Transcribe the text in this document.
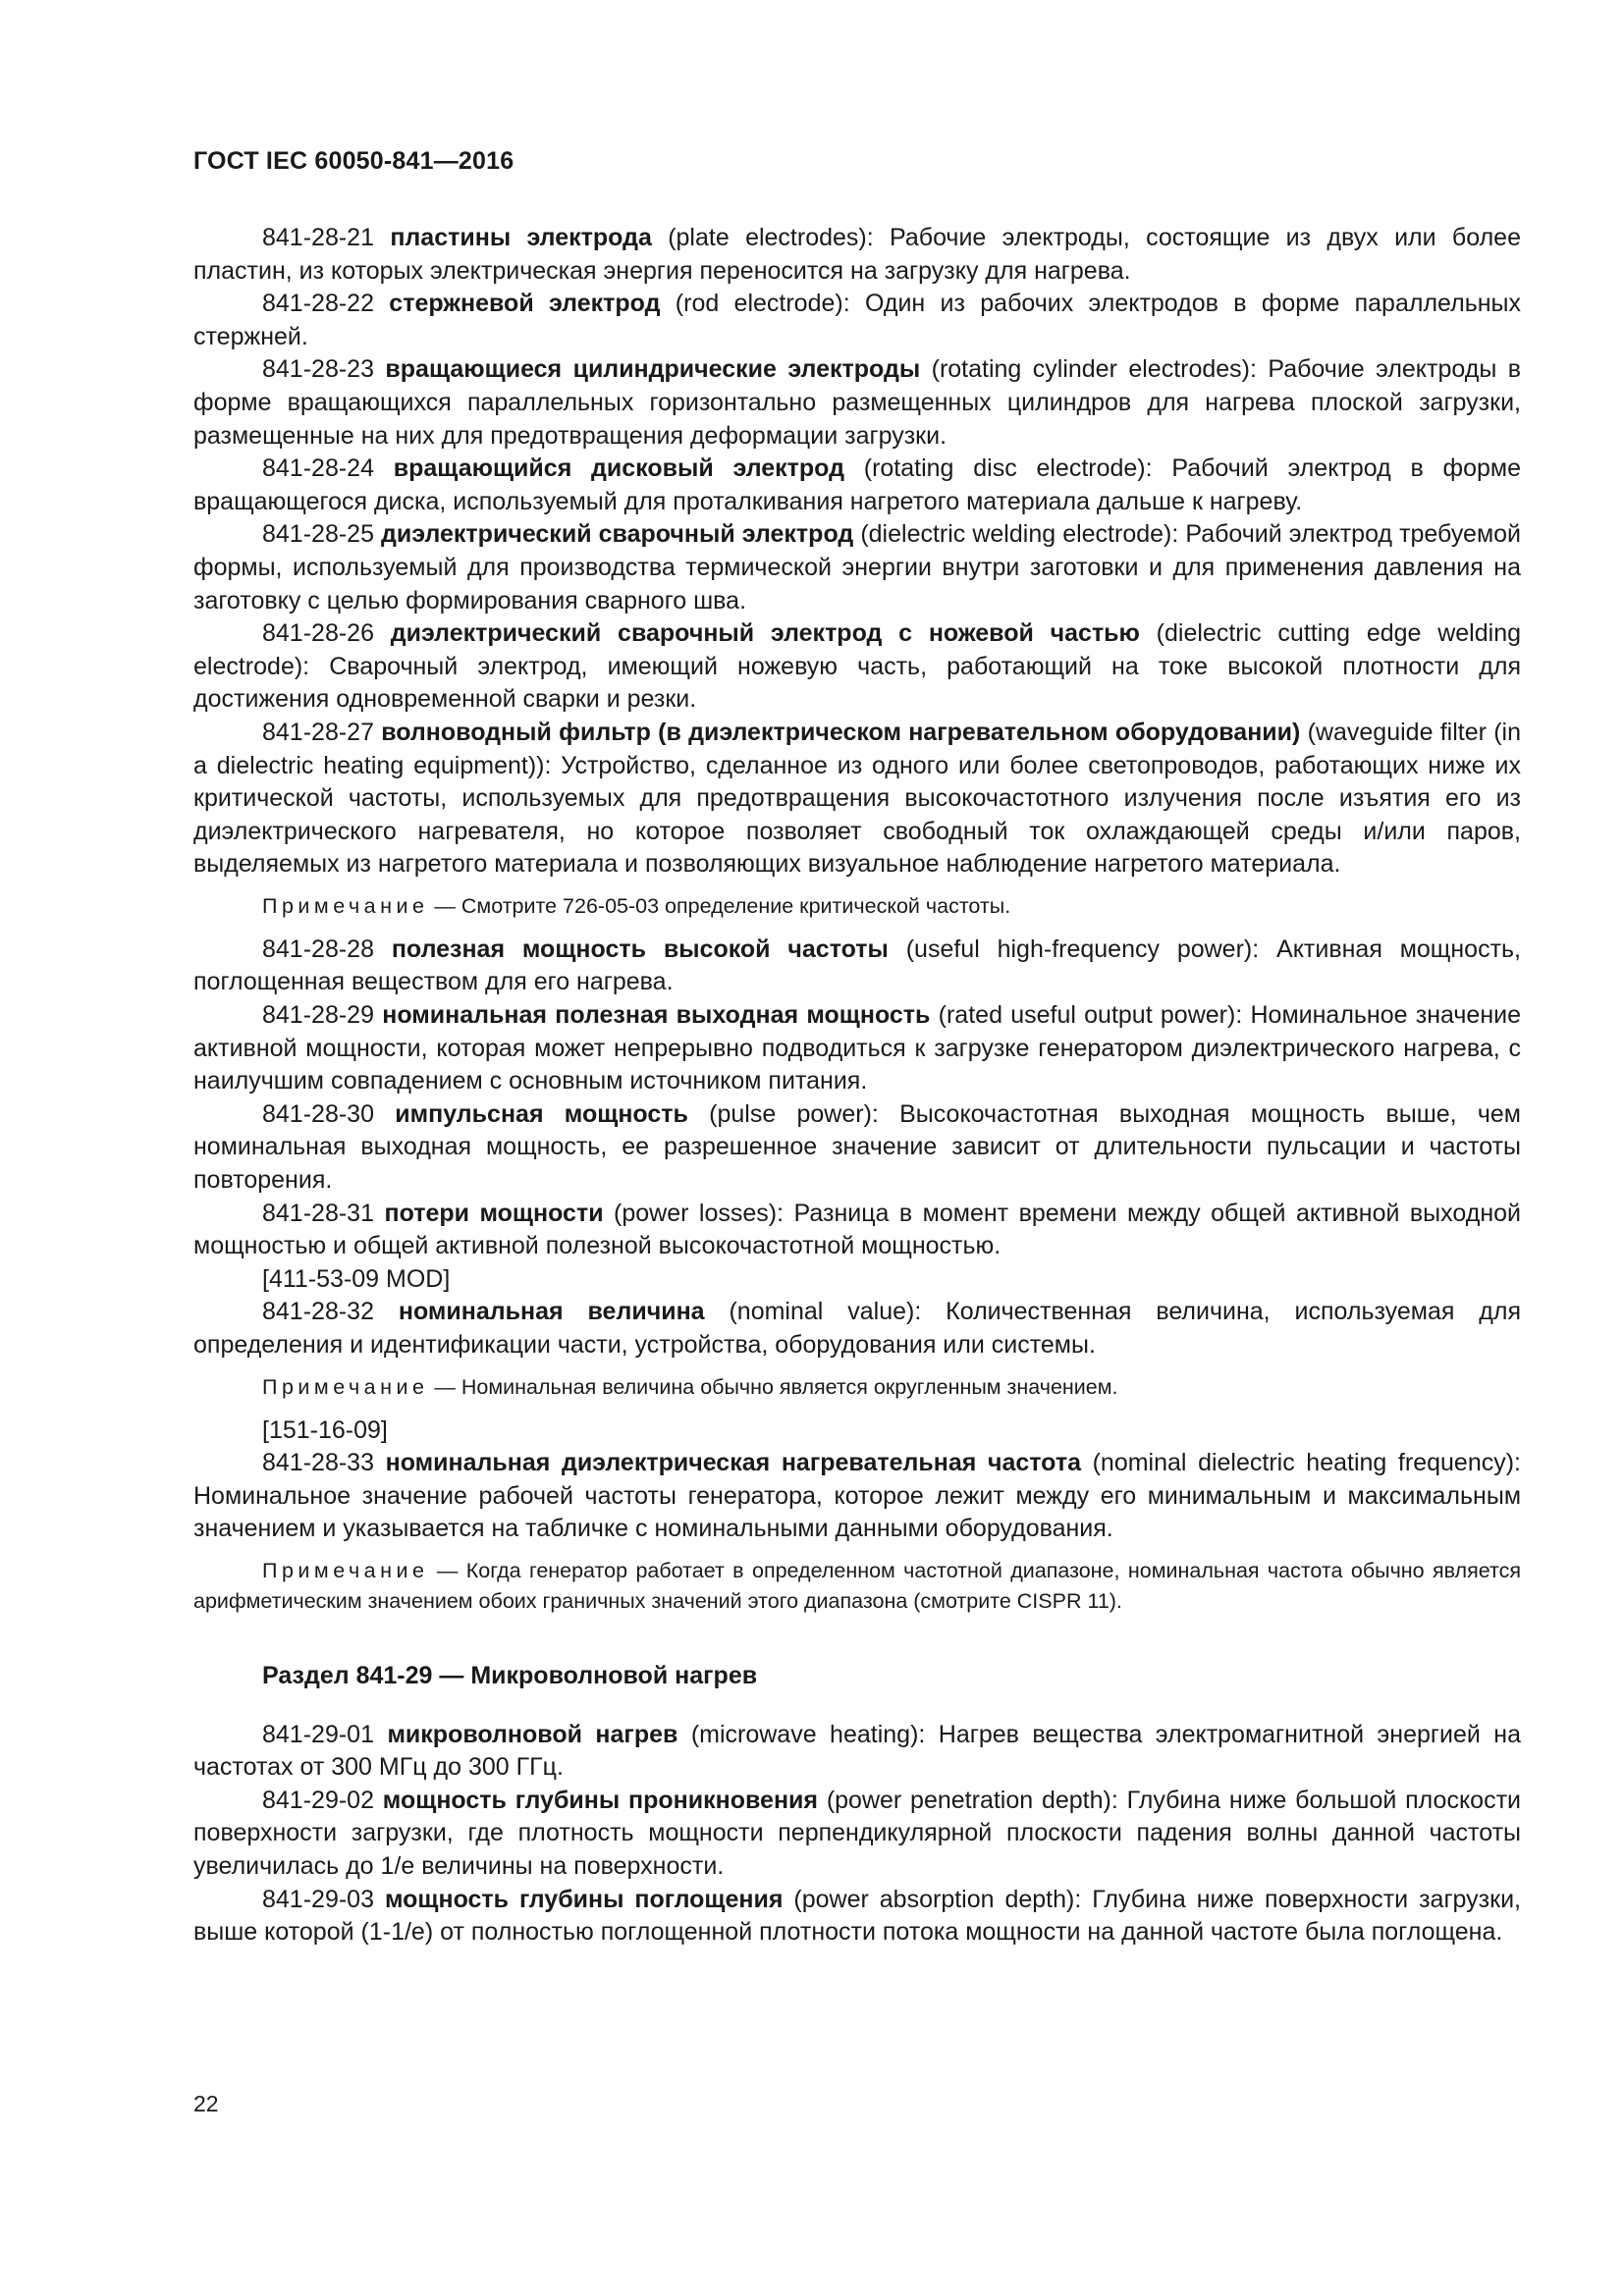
ГОСТ IEC 60050-841—2016

841-28-21 пластины электрода (plate electrodes): Рабочие электроды, состоящие из двух или более пластин, из которых электрическая энергия переносится на загрузку для нагрева.

841-28-22 стержневой электрод (rod electrode): Один из рабочих электродов в форме параллельных стержней.

841-28-23 вращающиеся цилиндрические электроды (rotating cylinder electrodes): Рабочие электроды в форме вращающихся параллельных горизонтально размещенных цилиндров для нагрева плоской загрузки, размещенные на них для предотвращения деформации загрузки.

841-28-24 вращающийся дисковый электрод (rotating disc electrode): Рабочий электрод в форме вращающегося диска, используемый для проталкивания нагретого материала дальше к нагреву.

841-28-25 диэлектрический сварочный электрод (dielectric welding electrode): Рабочий электрод требуемой формы, используемый для производства термической энергии внутри заготовки и для применения давления на заготовку с целью формирования сварного шва.

841-28-26 диэлектрический сварочный электрод с ножевой частью (dielectric cutting edge welding electrode): Сварочный электрод, имеющий ножевую часть, работающий на токе высокой плотности для достижения одновременной сварки и резки.

841-28-27 волноводный фильтр (в диэлектрическом нагревательном оборудовании) (waveguide filter (in a dielectric heating equipment)): Устройство, сделанное из одного или более светопроводов, работающих ниже их критической частоты, используемых для предотвращения высокочастотного излучения после изъятия его из диэлектрического нагревателя, но которое позволяет свободный ток охлаждающей среды и/или паров, выделяемых из нагретого материала и позволяющих визуальное наблюдение нагретого материала.

Примечание — Смотрите 726-05-03 определение критической частоты.

841-28-28 полезная мощность высокой частоты (useful high-frequency power): Активная мощность, поглощенная веществом для его нагрева.

841-28-29 номинальная полезная выходная мощность (rated useful output power): Номинальное значение активной мощности, которая может непрерывно подводиться к загрузке генератором диэлектрического нагрева, с наилучшим совпадением с основным источником питания.

841-28-30 импульсная мощность (pulse power): Высокочастотная выходная мощность выше, чем номинальная выходная мощность, ее разрешенное значение зависит от длительности пульсации и частоты повторения.

841-28-31 потери мощности (power losses): Разница в момент времени между общей активной выходной мощностью и общей активной полезной высокочастотной мощностью.

[411-53-09 MOD]

841-28-32 номинальная величина (nominal value): Количественная величина, используемая для определения и идентификации части, устройства, оборудования или системы.

Примечание — Номинальная величина обычно является округленным значением.

[151-16-09]

841-28-33 номинальная диэлектрическая нагревательная частота (nominal dielectric heating frequency): Номинальное значение рабочей частоты генератора, которое лежит между его минимальным и максимальным значением и указывается на табличке с номинальными данными оборудования.

Примечание — Когда генератор работает в определенном частотной диапазоне, номинальная частота обычно является арифметическим значением обоих граничных значений этого диапазона (смотрите CISPR 11).

Раздел 841-29 — Микроволновой нагрев

841-29-01 микроволновой нагрев (microwave heating): Нагрев вещества электромагнитной энергией на частотах от 300 МГц до 300 ГГц.

841-29-02 мощность глубины проникновения (power penetration depth): Глубина ниже большой плоскости поверхности загрузки, где плотность мощности перпендикулярной плоскости падения волны данной частоты увеличилась до 1/e величины на поверхности.

841-29-03 мощность глубины поглощения (power absorption depth): Глубина ниже поверхности загрузки, выше которой (1-1/e) от полностью поглощенной плотности потока мощности на данной частоте была поглощена.

22
